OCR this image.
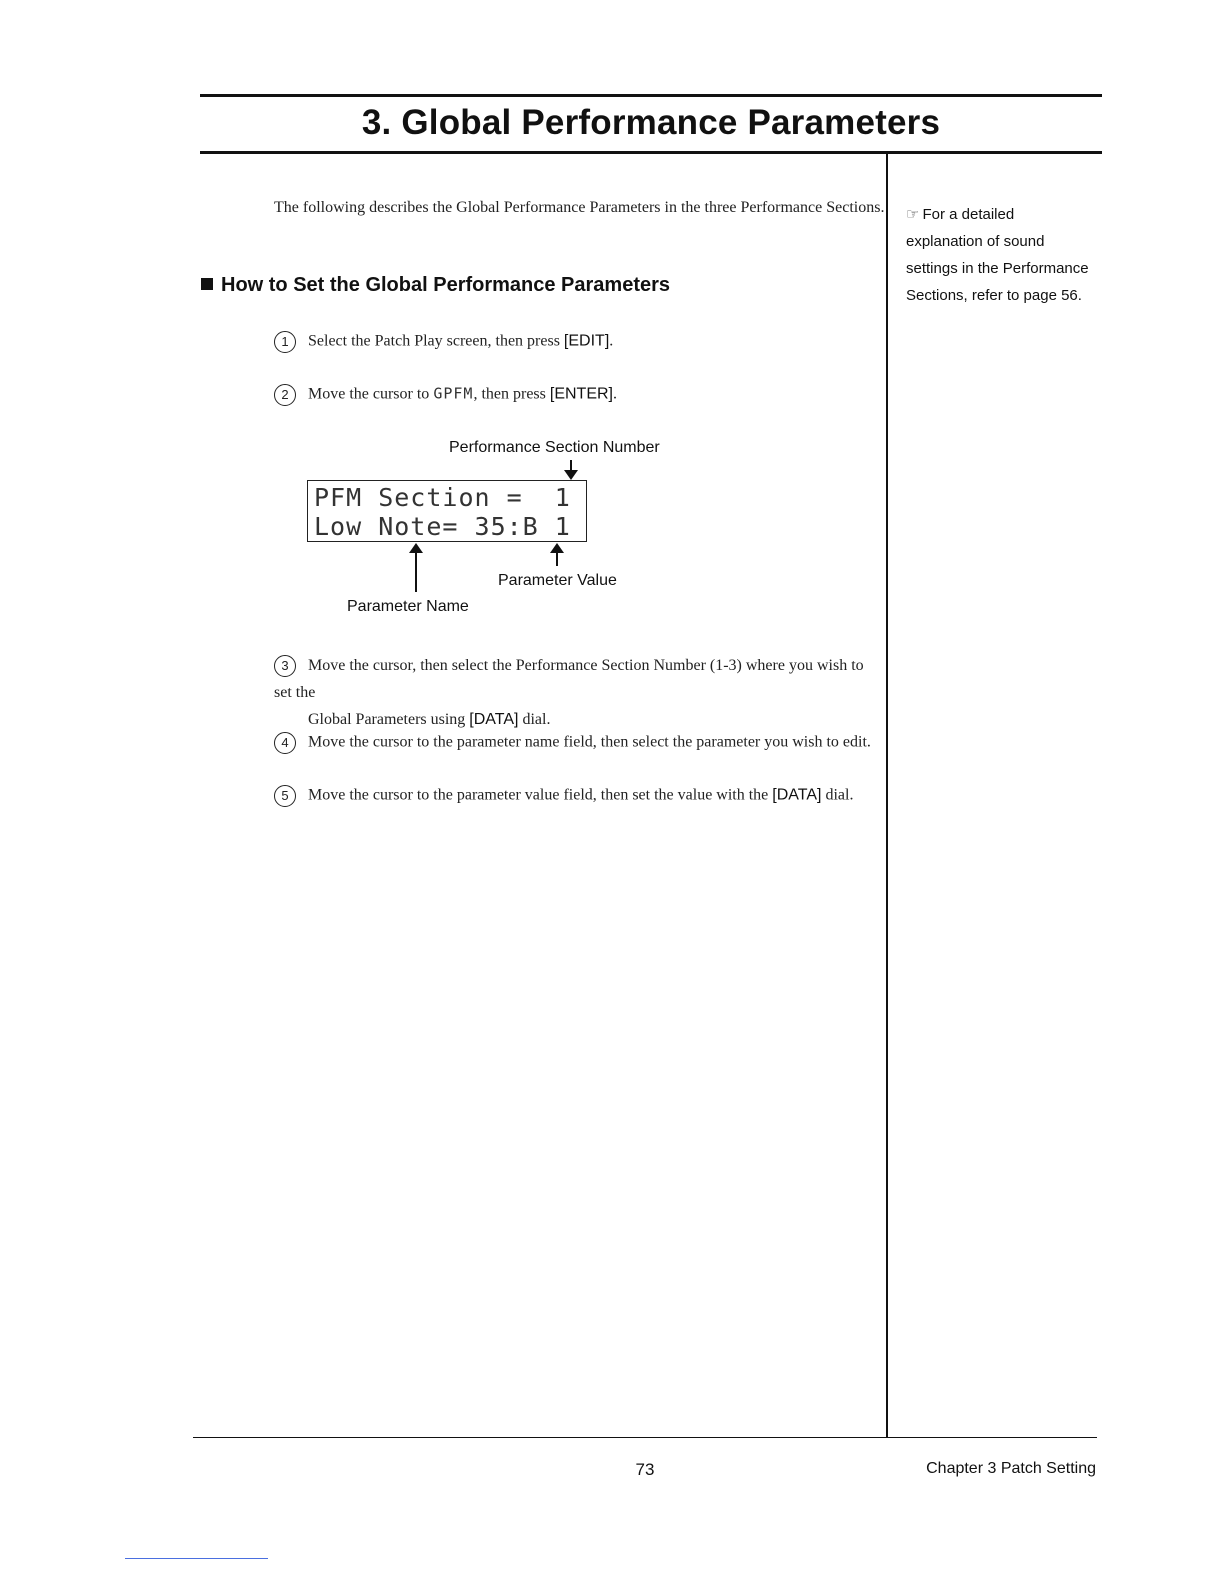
3. Global Performance Parameters
The following describes the Global Performance Parameters in the three Performance Sections.
How to Set the Global Performance Parameters
1 Select the Patch Play screen, then press [EDIT].
2 Move the cursor to GPFM, then press [ENTER].
Performance Section Number
PFM Section =  1
Low Note= 35:B 1
Parameter Value
Parameter Name
3 Move the cursor, then select the Performance Section Number (1-3) where you wish to set the
Global Parameters using [DATA] dial.
4 Move the cursor to the parameter name field, then select the parameter you wish to edit.
5 Move the cursor to the parameter value field, then set the value with the [DATA] dial.
☞ For a detailed explanation of sound settings in the Performance Sections, refer to page 56.
73	Chapter 3 Patch Setting
